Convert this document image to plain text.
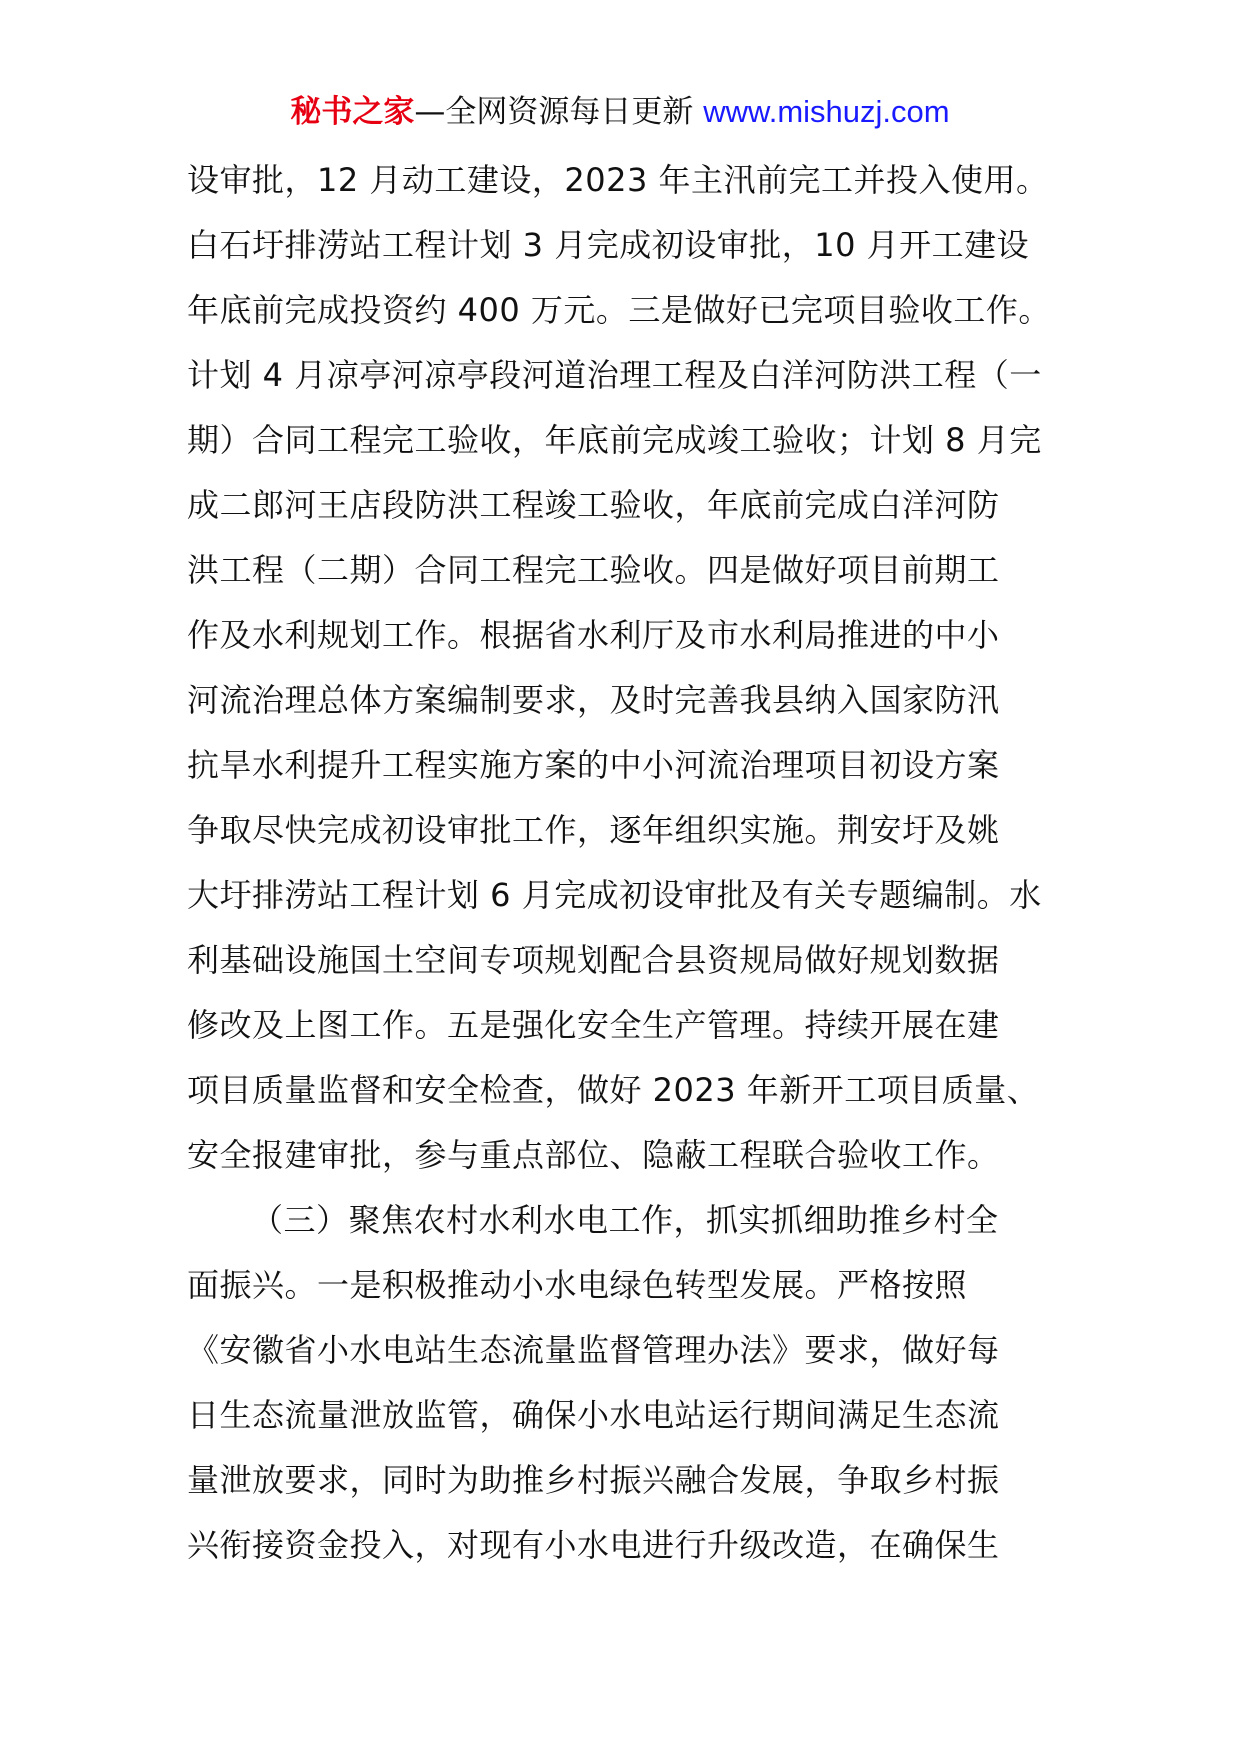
秘书之家—全网资源每日更新 www.mishuzj.com
设审批，12 月动工建设，2023 年主汛前完工并投入使用。
白石圩排涝站工程计划 3 月完成初设审批，10 月开工建设
年底前完成投资约 400 万元。三是做好已完项目验收工作。
计划 4 月凉亭河凉亭段河道治理工程及白洋河防洪工程（一
期）合同工程完工验收，年底前完成竣工验收；计划 8 月完
成二郎河王店段防洪工程竣工验收，年底前完成白洋河防
洪工程（二期）合同工程完工验收。四是做好项目前期工
作及水利规划工作。根据省水利厅及市水利局推进的中小
河流治理总体方案编制要求，及时完善我县纳入国家防汛
抗旱水利提升工程实施方案的中小河流治理项目初设方案
争取尽快完成初设审批工作，逐年组织实施。荆安圩及姚
大圩排涝站工程计划 6 月完成初设审批及有关专题编制。水
利基础设施国土空间专项规划配合县资规局做好规划数据
修改及上图工作。五是强化安全生产管理。持续开展在建
项目质量监督和安全检查，做好 2023 年新开工项目质量、
安全报建审批，参与重点部位、隐蔽工程联合验收工作。
（三）聚焦农村水利水电工作，抓实抓细助推乡村全
面振兴。一是积极推动小水电绿色转型发展。严格按照
《安徽省小水电站生态流量监督管理办法》要求，做好每
日生态流量泄放监管，确保小水电站运行期间满足生态流
量泄放要求，同时为助推乡村振兴融合发展，争取乡村振
兴衔接资金投入，对现有小水电进行升级改造，在确保生
